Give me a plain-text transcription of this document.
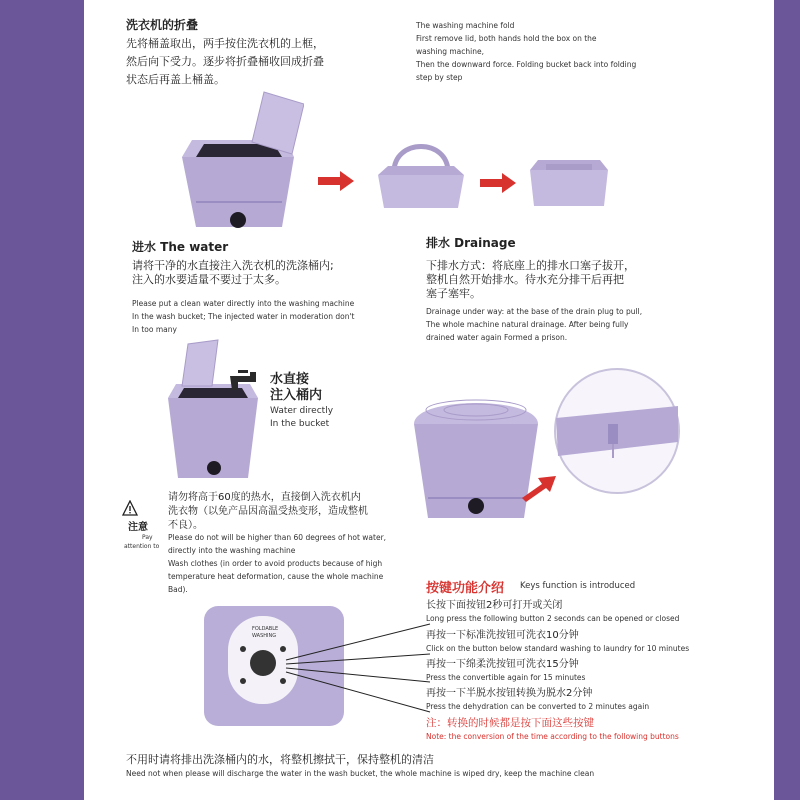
洗衣机的折叠
先将桶盖取出，两手按住洗衣机的上框，
然后向下受力。逐步将折叠桶收回成折叠
状态后再盖上桶盖。
The washing machine fold
First remove lid, both hands hold the box on the
washing machine,
Then the downward force. Folding bucket back into folding
step by step
进水 The water
请将干净的水直接注入洗衣机的洗涤桶内;
注入的水要适量不要过于太多。
Please put a clean water directly into the washing machine
In the wash bucket; The injected water in moderation don't
In too many
排水 Drainage
下排水方式：将底座上的排水口塞子拔开，
整机自然开始排水。待水充分排干后再把
塞子塞牢。
Drainage under way: at the base of the drain plug to pull,
The whole machine natural drainage. After being fully
drained water again Formed a prison.
水直接
注入桶内
Water directly
In the bucket
注意
Pay
attention to
请勿将高于60度的热水，直接倒入洗衣机内
洗衣物（以免产品因高温受热变形，造成整机
不良）。
Please do not will be higher than 60 degrees of hot water,
directly into the washing machine
Wash clothes (in order to avoid products because of high
temperature heat deformation, cause the whole machine
Bad).
FOLDABLE
WASHING
按键功能介绍 Keys function is introduced
长按下面按钮2秒可打开或关闭
Long press the following button 2 seconds can be opened or closed
再按一下标准洗按钮可洗衣10分钟
Click on the button below standard washing to laundry for 10 minutes
再按一下绵柔洗按钮可洗衣15分钟
Press the convertible again for 15 minutes
再按一下半脱水按钮转换为脱水2分钟
Press the dehydration can be converted to 2 minutes again
注：转换的时候都是按下面这些按键
Note: the conversion of the time according to the following buttons
不用时请将排出洗涤桶内的水，将整机擦拭干，保持整机的清洁
Need not when please will discharge the water in the wash bucket, the whole machine is wiped dry, keep the machine clean
